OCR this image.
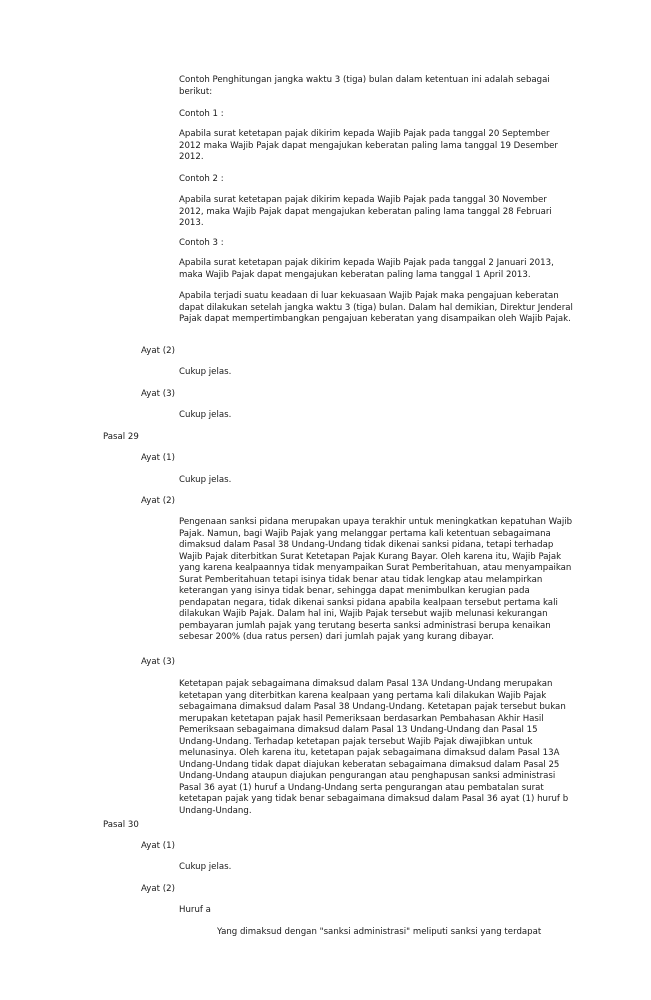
Contoh Penghitungan jangka waktu 3 (tiga) bulan dalam ketentuan ini adalah sebagai berikut:

Contoh 1 :

Apabila surat ketetapan pajak dikirim kepada Wajib Pajak pada tanggal 20 September 2012 maka Wajib Pajak dapat mengajukan keberatan paling lama tanggal 19 Desember 2012.

Contoh 2 :

Apabila surat ketetapan pajak dikirim kepada Wajib Pajak pada tanggal 30 November 2012, maka Wajib Pajak dapat mengajukan keberatan paling lama tanggal 28 Februari 2013.

Contoh 3 :

Apabila surat ketetapan pajak dikirim kepada Wajib Pajak pada tanggal 2 Januari 2013, maka Wajib Pajak dapat mengajukan keberatan paling lama tanggal 1 April 2013.

Apabila terjadi suatu keadaan di luar kekuasaan Wajib Pajak maka pengajuan keberatan dapat dilakukan setelah jangka waktu 3 (tiga) bulan. Dalam hal demikian, Direktur Jenderal Pajak dapat mempertimbangkan pengajuan keberatan yang disampaikan oleh Wajib Pajak.

Ayat (2)

Cukup jelas.

Ayat (3)

Cukup jelas.

Pasal 29

Ayat (1)

Cukup jelas.

Ayat (2)

Pengenaan sanksi pidana merupakan upaya terakhir untuk meningkatkan kepatuhan Wajib Pajak. Namun, bagi Wajib Pajak yang melanggar pertama kali ketentuan sebagaimana dimaksud dalam Pasal 38 Undang-Undang tidak dikenai sanksi pidana, tetapi terhadap Wajib Pajak diterbitkan Surat Ketetapan Pajak Kurang Bayar. Oleh karena itu, Wajib Pajak yang karena kealpaannya tidak menyampaikan Surat Pemberitahuan, atau menyampaikan Surat Pemberitahuan tetapi isinya tidak benar atau tidak lengkap atau melampirkan keterangan yang isinya tidak benar, sehingga dapat menimbulkan kerugian pada pendapatan negara, tidak dikenai sanksi pidana apabila kealpaan tersebut pertama kali dilakukan Wajib Pajak. Dalam hal ini, Wajib Pajak tersebut wajib melunasi kekurangan pembayaran jumlah pajak yang terutang beserta sanksi administrasi berupa kenaikan sebesar 200% (dua ratus persen) dari jumlah pajak yang kurang dibayar.

Ayat (3)

Ketetapan pajak sebagaimana dimaksud dalam Pasal 13A Undang-Undang merupakan ketetapan yang diterbitkan karena kealpaan yang pertama kali dilakukan Wajib Pajak sebagaimana dimaksud dalam Pasal 38 Undang-Undang. Ketetapan pajak tersebut bukan merupakan ketetapan pajak hasil Pemeriksaan berdasarkan Pembahasan Akhir Hasil Pemeriksaan sebagaimana dimaksud dalam Pasal 13 Undang-Undang dan Pasal 15 Undang-Undang. Terhadap ketetapan pajak tersebut Wajib Pajak diwajibkan untuk melunasinya. Oleh karena itu, ketetapan pajak sebagaimana dimaksud dalam Pasal 13A Undang-Undang tidak dapat diajukan keberatan sebagaimana dimaksud dalam Pasal 25 Undang-Undang ataupun diajukan pengurangan atau penghapusan sanksi administrasi Pasal 36 ayat (1) huruf a Undang-Undang serta pengurangan atau pembatalan surat ketetapan pajak yang tidak benar sebagaimana dimaksud dalam Pasal 36 ayat (1) huruf b Undang-Undang.

Pasal 30

Ayat (1)

Cukup jelas.

Ayat (2)

Huruf a

Yang dimaksud dengan "sanksi administrasi" meliputi sanksi yang terdapat
